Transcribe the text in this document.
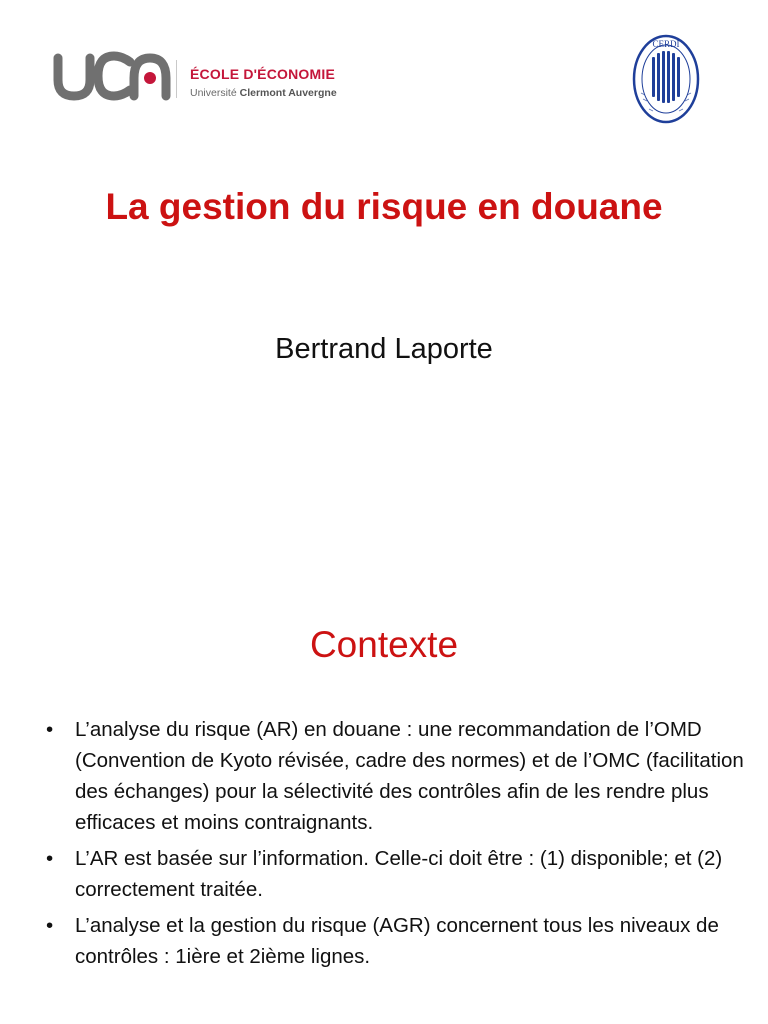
ÉCOLE D'ÉCONOMIE
Université Clermont Auvergne
CERDI
La gestion du risque en douane
Bertrand Laporte
Contexte
• L’analyse du risque (AR) en douane : une recommandation de l’OMD (Convention de Kyoto révisée, cadre des normes) et de l’OMC (facilitation des échanges) pour la sélectivité des contrôles afin de les rendre plus efficaces et moins contraignants.
• L’AR est basée sur l’information. Celle-ci doit être : (1) disponible; et (2) correctement traitée.
• L’analyse et la gestion du risque (AGR) concernent tous les niveaux de contrôles : 1ière et 2ième lignes.
